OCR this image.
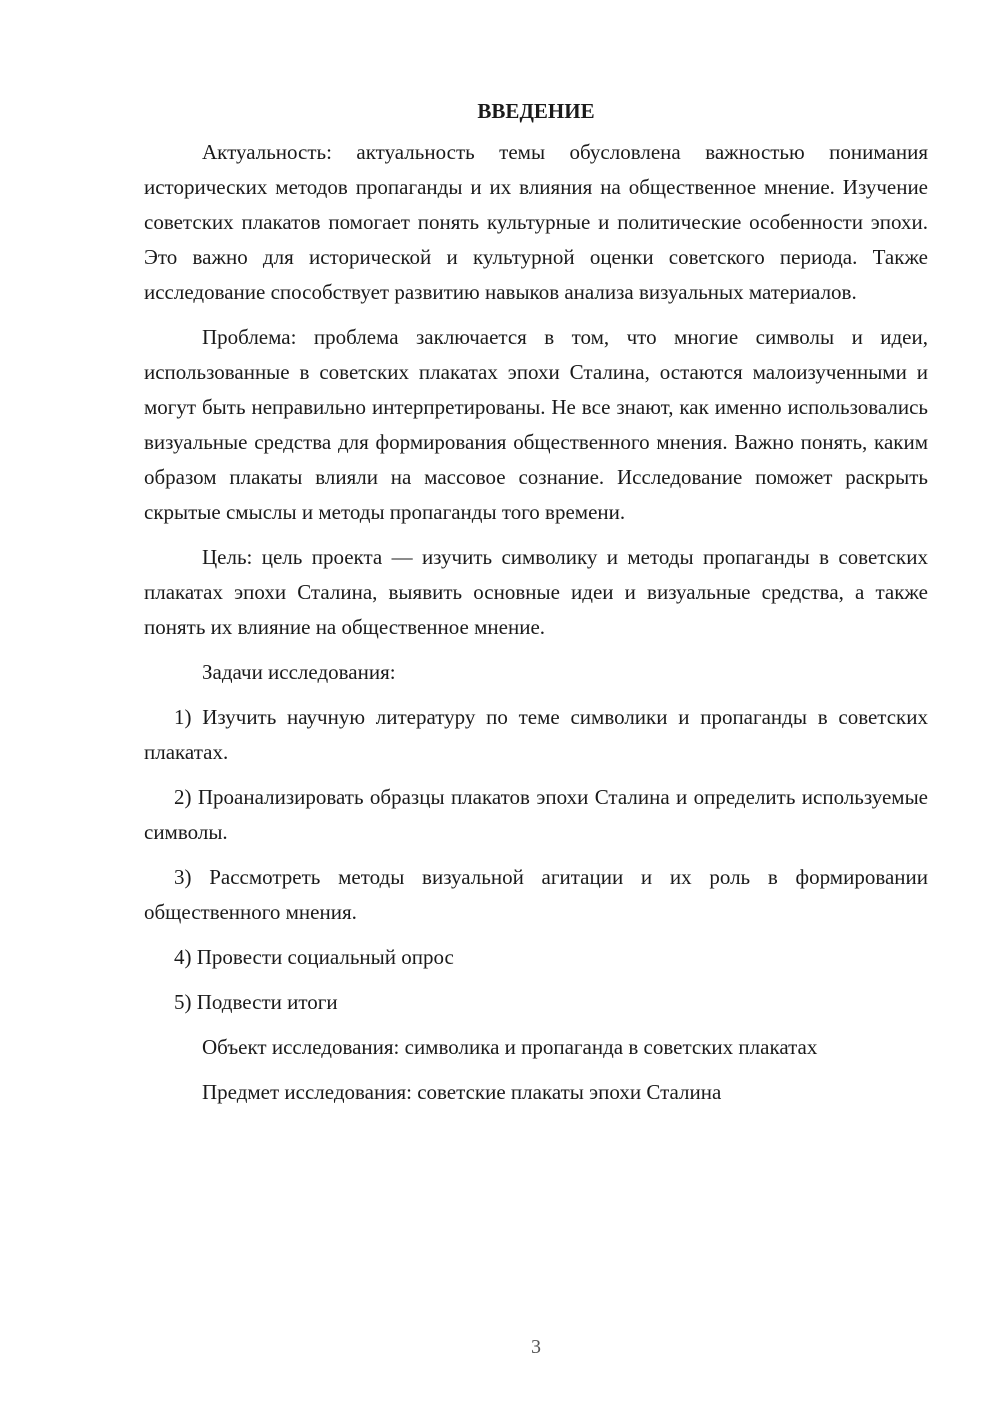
ВВЕДЕНИЕ

Актуальность: актуальность темы обусловлена важностью понимания исторических методов пропаганды и их влияния на общественное мнение. Изучение советских плакатов помогает понять культурные и политические особенности эпохи. Это важно для исторической и культурной оценки советского периода. Также исследование способствует развитию навыков анализа визуальных материалов.

Проблема: проблема заключается в том, что многие символы и идеи, использованные в советских плакатах эпохи Сталина, остаются малоизученными и могут быть неправильно интерпретированы. Не все знают, как именно использовались визуальные средства для формирования общественного мнения. Важно понять, каким образом плакаты влияли на массовое сознание. Исследование поможет раскрыть скрытые смыслы и методы пропаганды того времени.

Цель: цель проекта — изучить символику и методы пропаганды в советских плакатах эпохи Сталина, выявить основные идеи и визуальные средства, а также понять их влияние на общественное мнение.

Задачи исследования:

1) Изучить научную литературу по теме символики и пропаганды в советских плакатах.

2) Проанализировать образцы плакатов эпохи Сталина и определить используемые символы.

3) Рассмотреть методы визуальной агитации и их роль в формировании общественного мнения.

4) Провести социальный опрос

5) Подвести итоги

Объект исследования: символика и пропаганда в советских плакатах

Предмет исследования: советские плакаты эпохи Сталина

3
